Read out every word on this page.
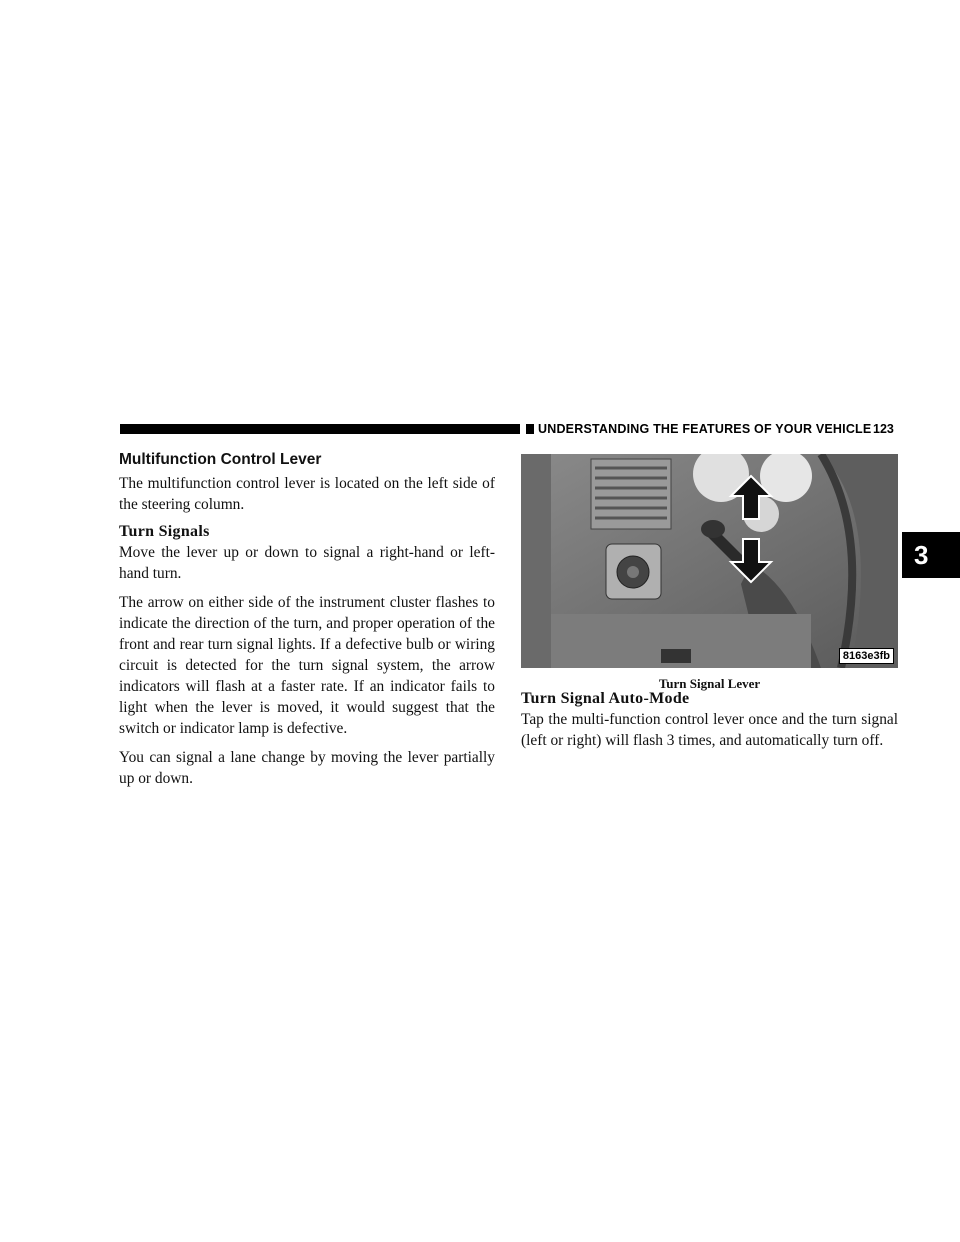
UNDERSTANDING THE FEATURES OF YOUR VEHICLE 123
3
Multifunction Control Lever

The multifunction control lever is located on the left side of the steering column.

Turn Signals

Move the lever up or down to signal a right-hand or left-hand turn.

The arrow on either side of the instrument cluster flashes to indicate the direction of the turn, and proper operation of the front and rear turn signal lights. If a defective bulb or wiring circuit is detected for the turn signal system, the arrow indicators will flash at a faster rate. If an indicator fails to light when the lever is moved, it would suggest that the switch or indicator lamp is defective.

You can signal a lane change by moving the lever partially up or down.

8163e3fb
Turn Signal Lever
Turn Signal Auto-Mode

Tap the multi-function control lever once and the turn signal (left or right) will flash 3 times, and automatically turn off.
